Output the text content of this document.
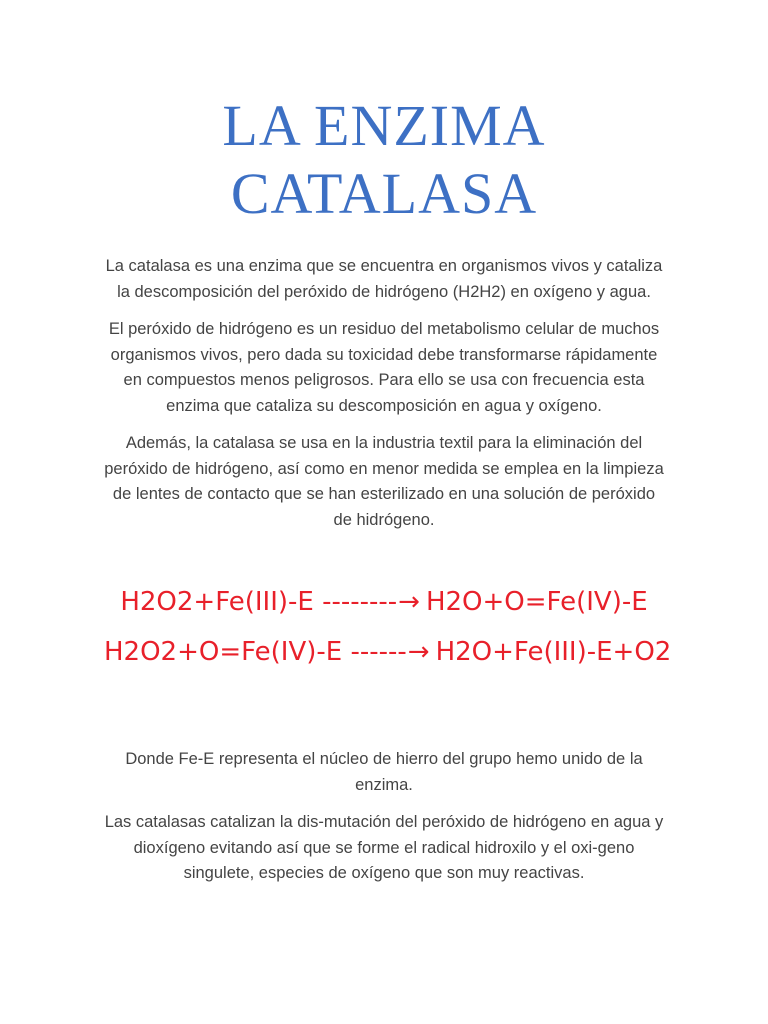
LA ENZIMA
CATALASA

La catalasa es una enzima que se encuentra en organismos vivos y cataliza la descomposición del peróxido de hidrógeno (H2H2) en oxígeno y agua.

El peróxido de hidrógeno es un residuo del metabolismo celular de muchos organismos vivos, pero dada su toxicidad debe transformarse rápidamente en compuestos menos peligrosos. Para ello se usa con frecuencia esta enzima que cataliza su descomposición en agua y oxígeno.

Además, la catalasa se usa en la industria textil para la eliminación del peróxido de hidrógeno, así como en menor medida se emplea en la limpieza de lentes de contacto que se han esterilizado en una solución de peróxido de hidrógeno.

H2O2+Fe(III)-E --------→ H2O+O=Fe(IV)-E

H2O2+O=Fe(IV)-E ------→ H2O+Fe(III)-E+O2

Donde Fe-E representa el núcleo de hierro del grupo hemo unido de la enzima.

Las catalasas catalizan la dis-mutación del peróxido de hidrógeno en agua y dioxígeno evitando así que se forme el radical hidroxilo y el oxi-geno singulete, especies de oxígeno que son muy reactivas.
